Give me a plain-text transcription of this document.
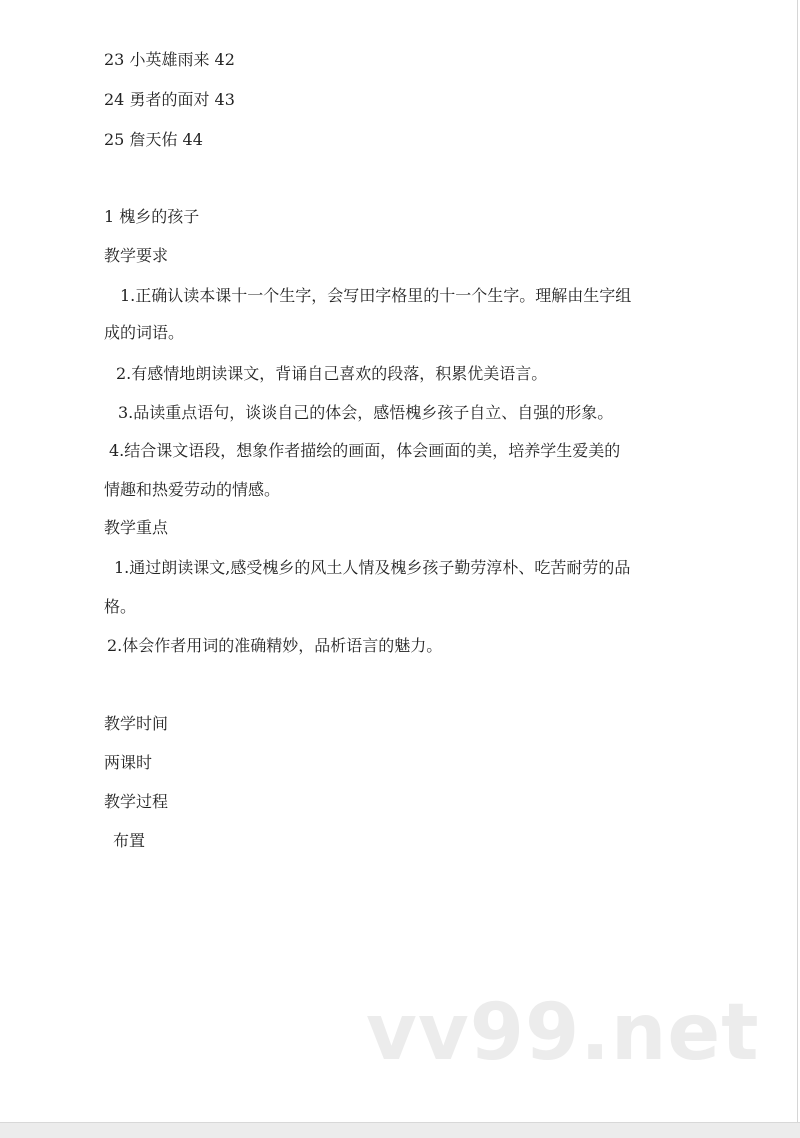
23 小英雄雨来 42

24 勇者的面对 43

25 詹天佑 44

1 槐乡的孩子

教学要求

1.正确认读本课十一个生字，会写田字格里的十一个生字。理解由生字组

成的词语。

2.有感情地朗读课文，背诵自己喜欢的段落，积累优美语言。

3.品读重点语句，谈谈自己的体会，感悟槐乡孩子自立、自强的形象。

4.结合课文语段，想象作者描绘的画面，体会画面的美，培养学生爱美的

情趣和热爱劳动的情感。

教学重点

1.通过朗读课文,感受槐乡的风土人情及槐乡孩子勤劳淳朴、吃苦耐劳的品

格。

2.体会作者用词的准确精妙，品析语言的魅力。

教学时间

两课时

教学过程

布置

vv99.net
